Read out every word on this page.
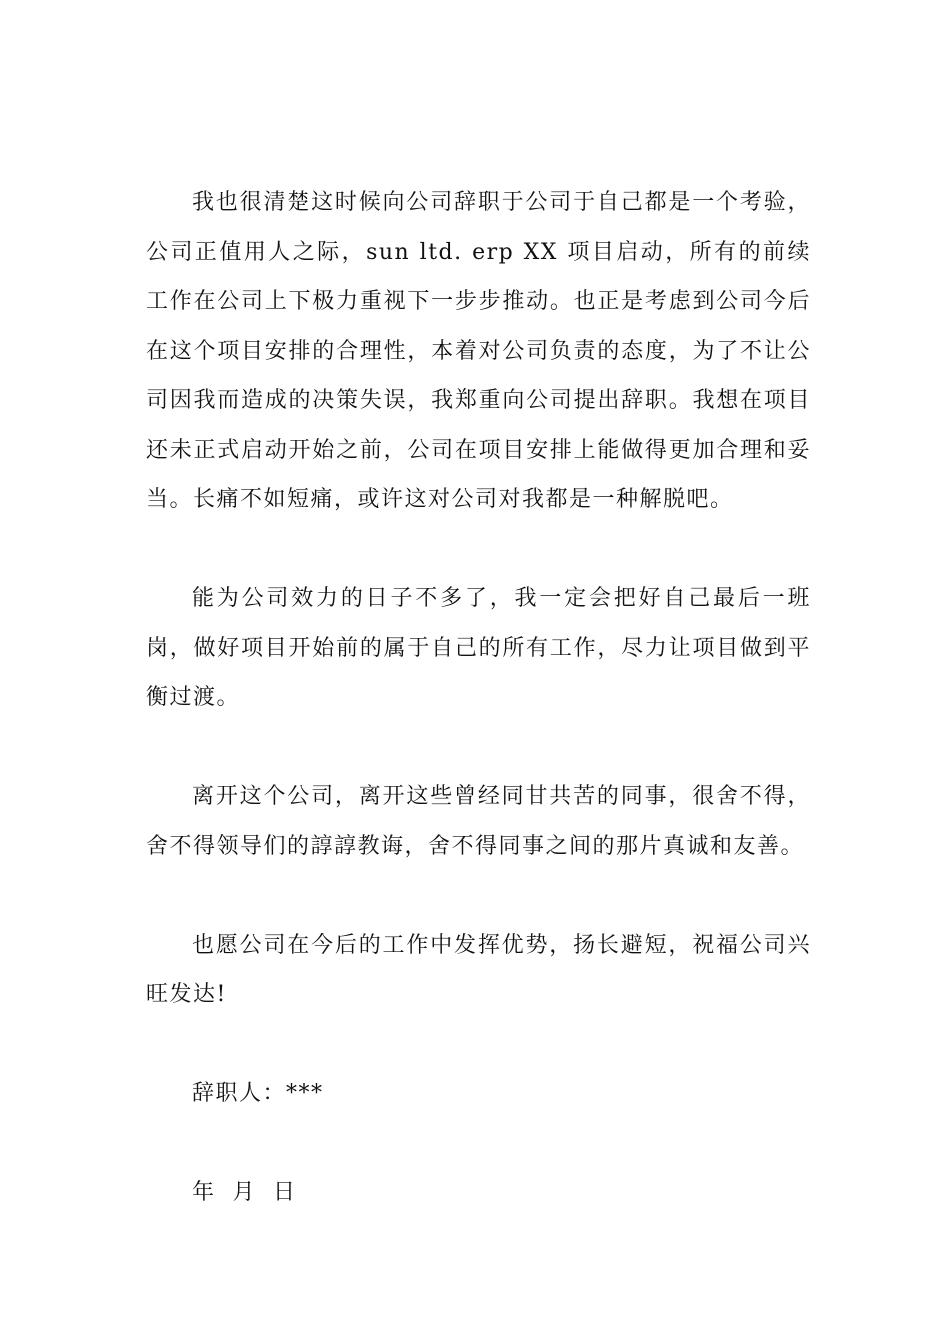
我也很清楚这时候向公司辞职于公司于自己都是一个考验，公司正值用人之际，sun ltd. erp XX 项目启动，所有的前续工作在公司上下极力重视下一步步推动。也正是考虑到公司今后在这个项目安排的合理性，本着对公司负责的态度，为了不让公司因我而造成的决策失误，我郑重向公司提出辞职。我想在项目还未正式启动开始之前，公司在项目安排上能做得更加合理和妥当。长痛不如短痛，或许这对公司对我都是一种解脱吧。

能为公司效力的日子不多了，我一定会把好自己最后一班岗，做好项目开始前的属于自己的所有工作，尽力让项目做到平衡过渡。

离开这个公司，离开这些曾经同甘共苦的同事，很舍不得，舍不得领导们的諄諄教诲，舍不得同事之间的那片真诚和友善。

也愿公司在今后的工作中发挥优势，扬长避短，祝福公司兴旺发达!

辞职人：***

年  月  日
